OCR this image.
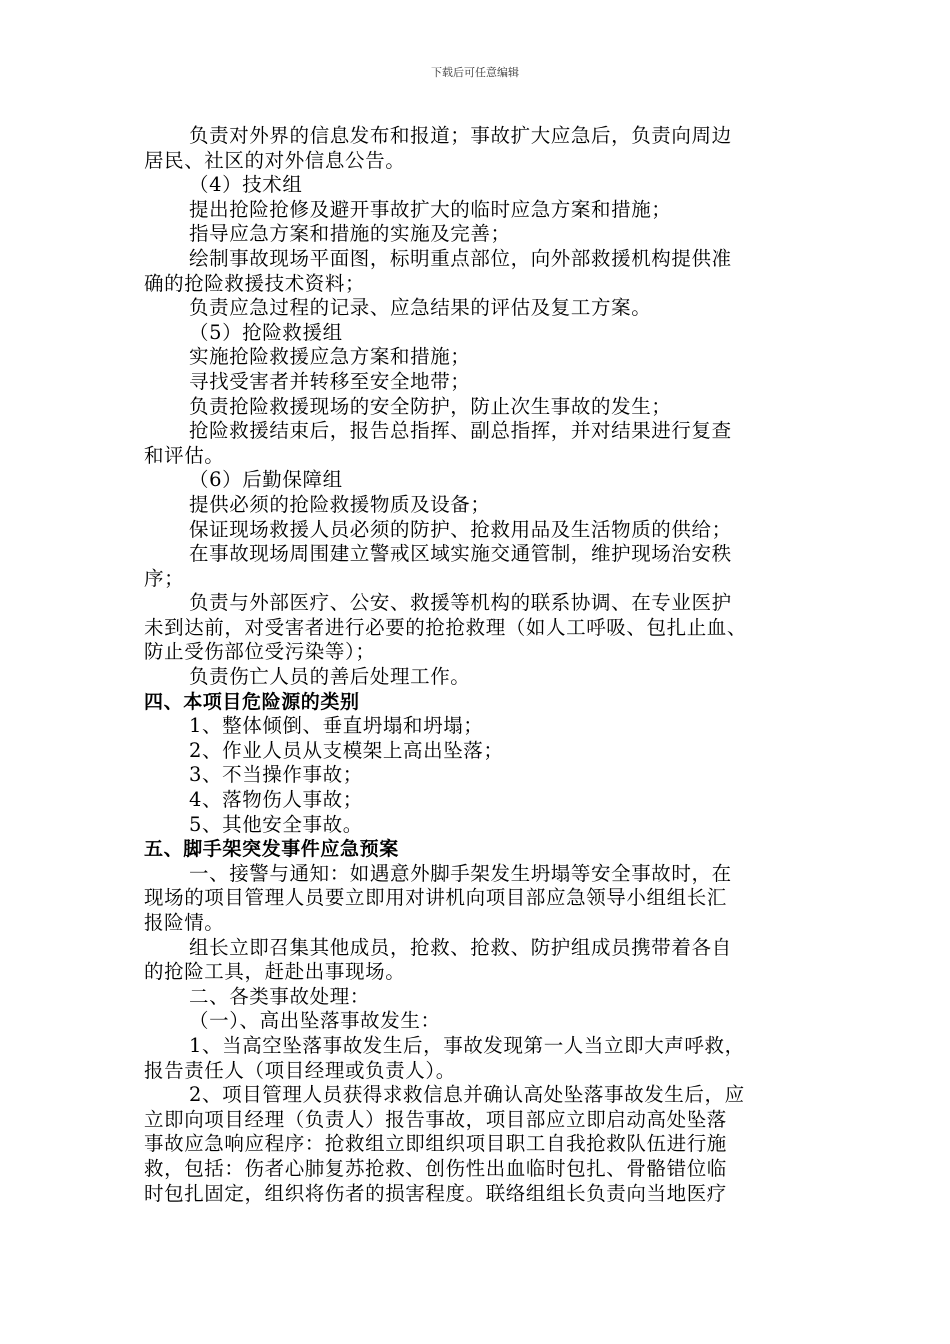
下载后可任意编辑
负责对外界的信息发布和报道；事故扩大应急后，负责向周边
居民、社区的对外信息公告。
（4）技术组
提出抢险抢修及避开事故扩大的临时应急方案和措施；
指导应急方案和措施的实施及完善；
绘制事故现场平面图，标明重点部位，向外部救援机构提供准
确的抢险救援技术资料；
负责应急过程的记录、应急结果的评估及复工方案。
（5）抢险救援组
实施抢险救援应急方案和措施；
寻找受害者并转移至安全地带；
负责抢险救援现场的安全防护，防止次生事故的发生；
抢险救援结束后，报告总指挥、副总指挥，并对结果进行复查
和评估。
（6）后勤保障组
提供必须的抢险救援物质及设备；
保证现场救援人员必须的防护、抢救用品及生活物质的供给；
在事故现场周围建立警戒区域实施交通管制，维护现场治安秩
序；
负责与外部医疗、公安、救援等机构的联系协调、在专业医护
未到达前，对受害者进行必要的抢抢救理（如人工呼吸、包扎止血、
防止受伤部位受污染等）；
负责伤亡人员的善后处理工作。
四、本项目危险源的类别
1、整体倾倒、垂直坍塌和坍塌；
2、作业人员从支模架上高出坠落；
3、不当操作事故；
4、落物伤人事故；
5、其他安全事故。
五、脚手架突发事件应急预案
一、接警与通知：如遇意外脚手架发生坍塌等安全事故时，在
现场的项目管理人员要立即用对讲机向项目部应急领导小组组长汇
报险情。
组长立即召集其他成员，抢救、抢救、防护组成员携带着各自
的抢险工具，赶赴出事现场。
二、各类事故处理：
（一）、高出坠落事故发生：
1、当高空坠落事故发生后，事故发现第一人当立即大声呼救，
报告责任人（项目经理或负责人）。
2、项目管理人员获得求救信息并确认高处坠落事故发生后，应
立即向项目经理（负责人）报告事故，项目部应立即启动高处坠落
事故应急响应程序：抢救组立即组织项目职工自我抢救队伍进行施
救，包括：伤者心肺复苏抢救、创伤性出血临时包扎、骨骼错位临
时包扎固定，组织将伤者的损害程度。联络组组长负责向当地医疗
